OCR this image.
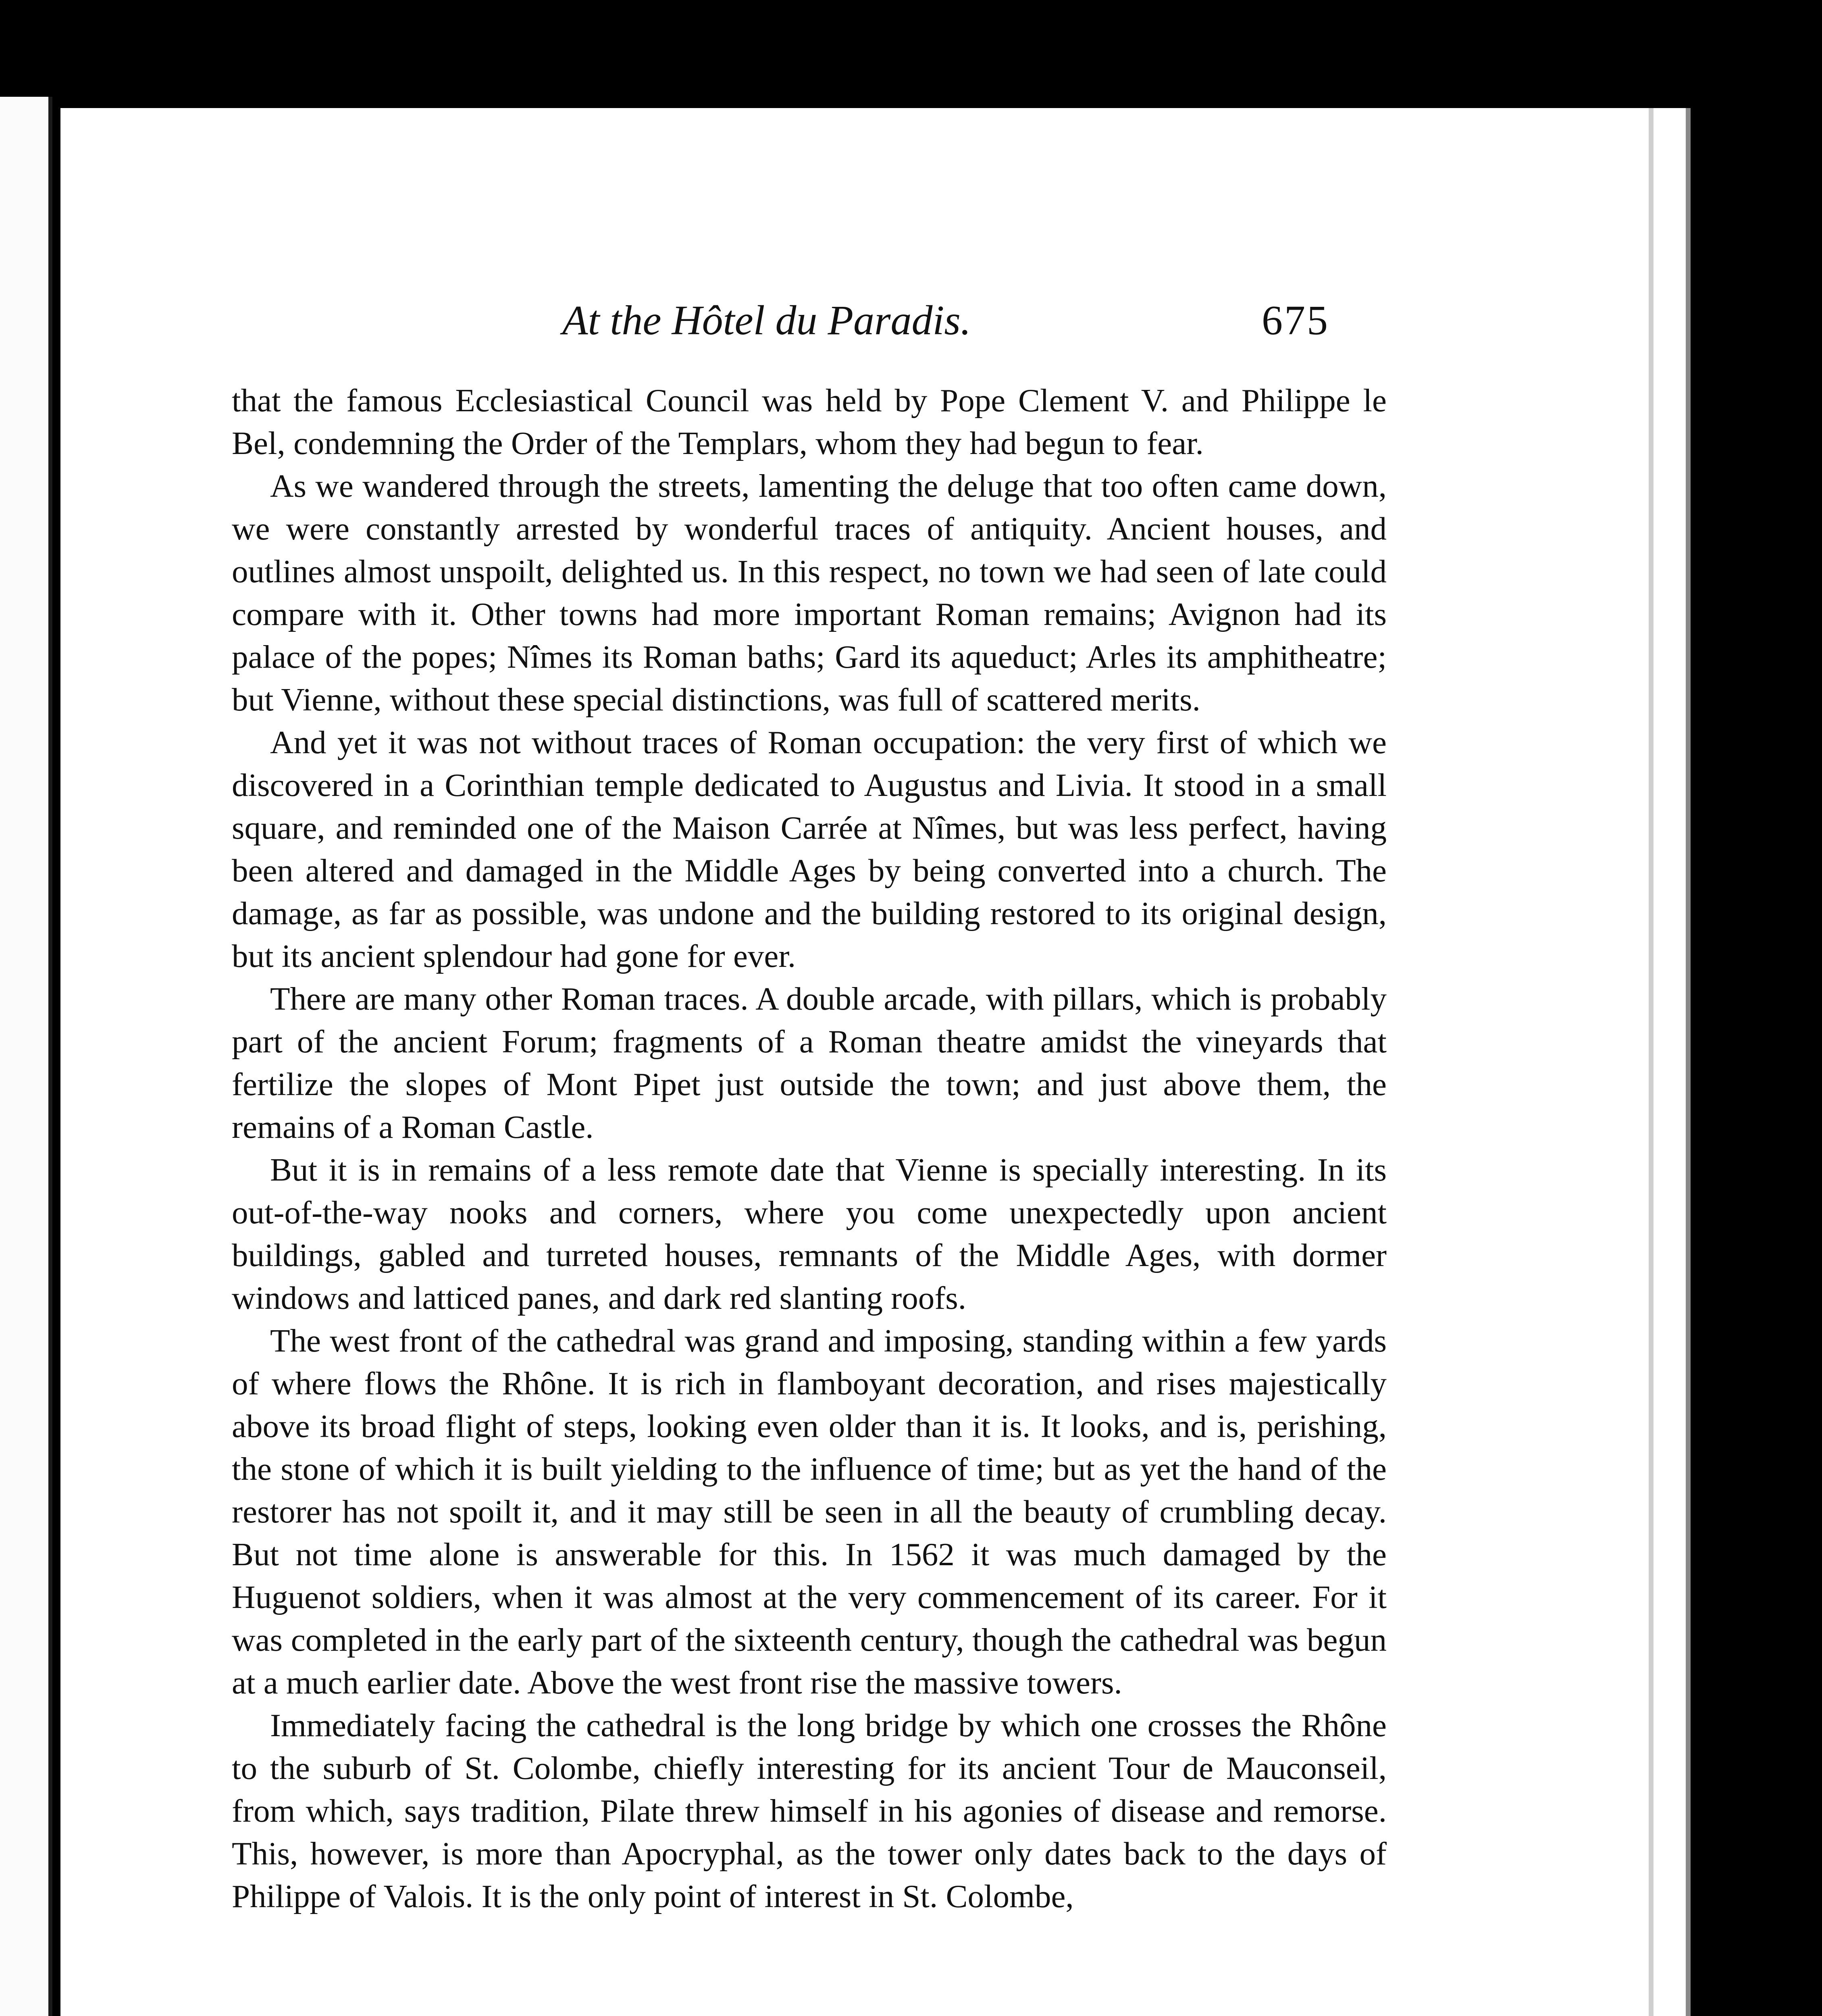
At the Hôtel du Paradis.	675

that the famous Ecclesiastical Council was held by Pope Clement V. and Philippe le Bel, condemning the Order of the Templars, whom they had begun to fear.

As we wandered through the streets, lamenting the deluge that too often came down, we were constantly arrested by wonderful traces of antiquity. Ancient houses, and outlines almost unspoilt, delighted us. In this respect, no town we had seen of late could compare with it. Other towns had more important Roman remains; Avignon had its palace of the popes; Nîmes its Roman baths; Gard its aqueduct; Arles its amphitheatre; but Vienne, without these special distinctions, was full of scattered merits.

And yet it was not without traces of Roman occupation: the very first of which we discovered in a Corinthian temple dedicated to Augustus and Livia. It stood in a small square, and reminded one of the Maison Carrée at Nîmes, but was less perfect, having been altered and damaged in the Middle Ages by being converted into a church. The damage, as far as possible, was undone and the building restored to its original design, but its ancient splendour had gone for ever.

There are many other Roman traces. A double arcade, with pillars, which is probably part of the ancient Forum; fragments of a Roman theatre amidst the vineyards that fertilize the slopes of Mont Pipet just outside the town; and just above them, the remains of a Roman Castle.

But it is in remains of a less remote date that Vienne is specially interesting. In its out-of-the-way nooks and corners, where you come unexpectedly upon ancient buildings, gabled and turreted houses, remnants of the Middle Ages, with dormer windows and latticed panes, and dark red slanting roofs.

The west front of the cathedral was grand and imposing, standing within a few yards of where flows the Rhône. It is rich in flamboyant decoration, and rises majestically above its broad flight of steps, looking even older than it is. It looks, and is, perishing, the stone of which it is built yielding to the influence of time; but as yet the hand of the restorer has not spoilt it, and it may still be seen in all the beauty of crumbling decay. But not time alone is answerable for this. In 1562 it was much damaged by the Huguenot soldiers, when it was almost at the very commencement of its career. For it was completed in the early part of the sixteenth century, though the cathedral was begun at a much earlier date. Above the west front rise the massive towers.

Immediately facing the cathedral is the long bridge by which one crosses the Rhône to the suburb of St. Colombe, chiefly interesting for its ancient Tour de Mauconseil, from which, says tradition, Pilate threw himself in his agonies of disease and remorse. This, however, is more than Apocryphal, as the tower only dates back to the days of Philippe of Valois. It is the only point of interest in St. Colombe,
